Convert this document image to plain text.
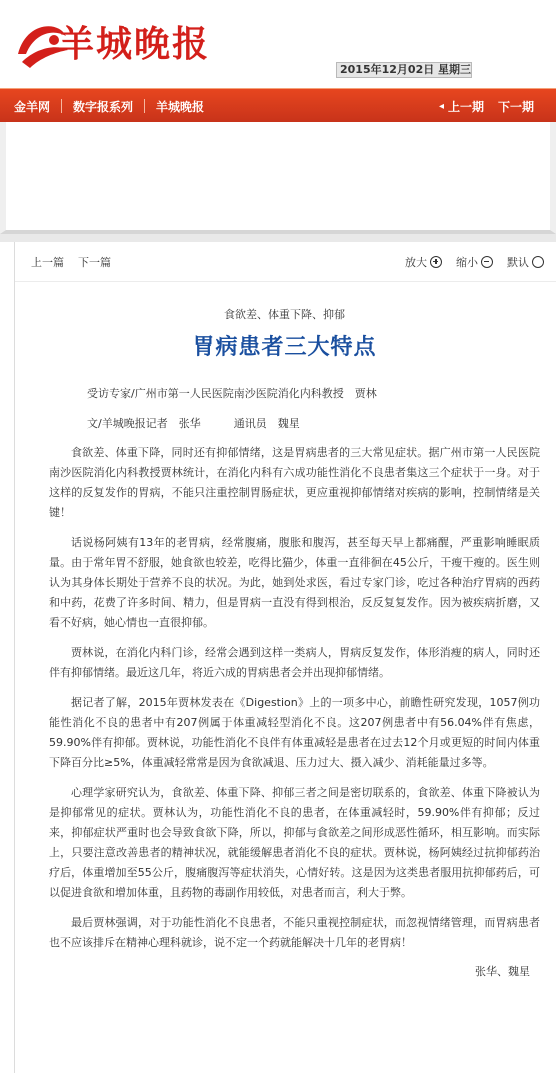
羊城晚报
2015年12月02日 星期三
金羊网 数字报系列 羊城晚报	◂ 上一期 下一期
上一篇 下一篇	放大	缩小	默认
食欲差、体重下降、抑郁
胃病患者三大特点
受访专家/广州市第一人民医院南沙医院消化内科教授　贾林
文/羊城晚报记者　张华　　　通讯员　魏星

食欲差、体重下降，同时还有抑郁情绪，这是胃病患者的三大常见症状。据广州市第一人民医院南沙医院消化内科教授贾林统计，在消化内科有六成功能性消化不良患者集这三个症状于一身。对于这样的反复发作的胃病，不能只注重控制胃肠症状，更应重视抑郁情绪对疾病的影响，控制情绪是关键！

话说杨阿姨有13年的老胃病，经常腹痛，腹胀和腹泻，甚至每天早上都痛醒，严重影响睡眠质量。由于常年胃不舒服，她食欲也较差，吃得比猫少，体重一直徘徊在45公斤，干瘦干瘦的。医生则认为其身体长期处于营养不良的状况。为此，她到处求医，看过专家门诊，吃过各种治疗胃病的西药和中药，花费了许多时间、精力，但是胃病一直没有得到根治，反反复复发作。因为被疾病折磨，又看不好病，她心情也一直很抑郁。

贾林说，在消化内科门诊，经常会遇到这样一类病人，胃病反复发作，体形消瘦的病人，同时还伴有抑郁情绪。最近这几年，将近六成的胃病患者会并出现抑郁情绪。

据记者了解，2015年贾林发表在《Digestion》上的一项多中心，前瞻性研究发现，1057例功能性消化不良的患者中有207例属于体重减轻型消化不良。这207例患者中有56.04%伴有焦虑，59.90%伴有抑郁。贾林说，功能性消化不良伴有体重减轻是患者在过去12个月或更短的时间内体重下降百分比≥5%，体重减轻常常是因为食欲减退、压力过大、摄入减少、消耗能量过多等。

心理学家研究认为，食欲差、体重下降、抑郁三者之间是密切联系的，食欲差、体重下降被认为是抑郁常见的症状。贾林认为，功能性消化不良的患者，在体重减轻时，59.90%伴有抑郁；反过来，抑郁症状严重时也会导致食欲下降，所以，抑郁与食欲差之间形成恶性循环，相互影响。而实际上，只要注意改善患者的精神状况，就能缓解患者消化不良的症状。贾林说，杨阿姨经过抗抑郁药治疗后，体重增加至55公斤，腹痛腹泻等症状消失，心情好转。这是因为这类患者服用抗抑郁药后，可以促进食欲和增加体重，且药物的毒副作用较低，对患者而言，利大于弊。

最后贾林强调，对于功能性消化不良患者，不能只重视控制症状，而忽视情绪管理，而胃病患者也不应该排斥在精神心理科就诊，说不定一个药就能解决十几年的老胃病！

张华、魏星
